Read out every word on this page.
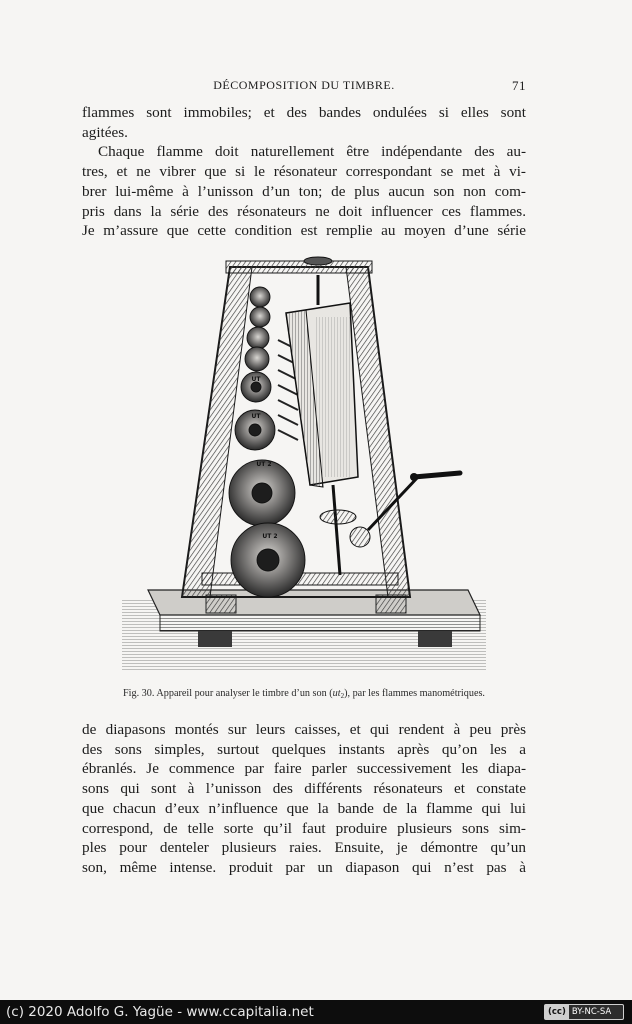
DÉCOMPOSITION DU TIMBRE.	71
flammes sont immobiles; et des bandes ondulées si elles sont
agitées.
Chaque flamme doit naturellement être indépendante des au-
tres, et ne vibrer que si le résonateur correspondant se met à vi-
brer lui-même à l’unisson d’un ton; de plus aucun son non com-
pris dans la série des résonateurs ne doit influencer ces flammes.
Je m’assure que cette condition est remplie au moyen d’une série
UT
UT
UT 2
UT 2
Fig. 30. Appareil pour analyser le timbre d’un son $(ut_2)$, par les flammes manométriques.
de diapasons montés sur leurs caisses, et qui rendent à peu près
des sons simples, surtout quelques instants après qu’on les a
ébranlés. Je commence par faire parler successivement les diapa-
sons qui sont à l’unisson des différents résonateurs et constate
que chacun d’eux n’influence que la bande de la flamme qui lui
correspond, de telle sorte qu’il faut produire plusieurs sons sim-
ples pour denteler plusieurs raies. Ensuite, je démontre qu’un
son, même intense. produit par un diapason qui n’est pas à
(c) 2020 Adolfo G. Yagüe - www.ccapitalia.net	(cc) BY-NC-SA
